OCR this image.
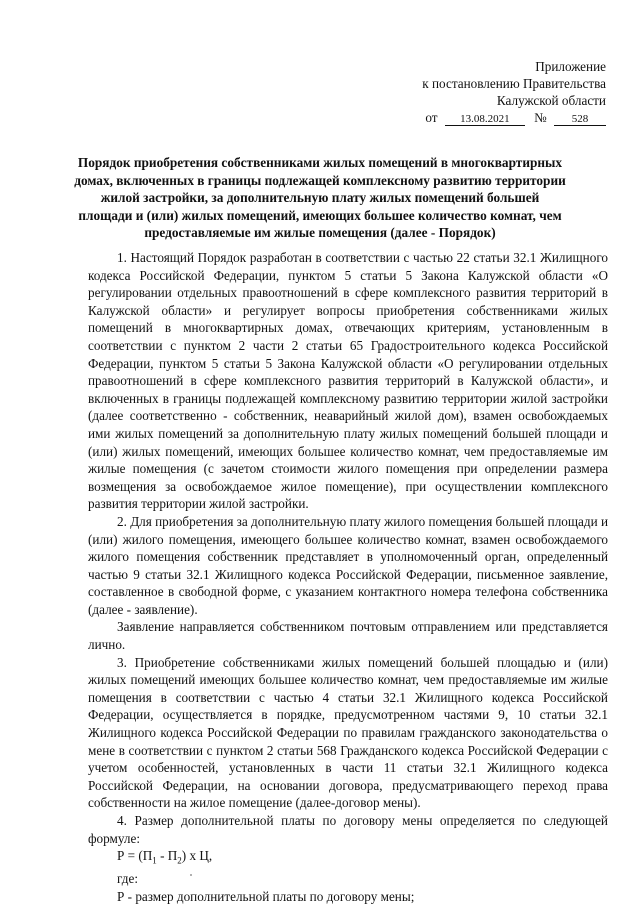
Приложение
к постановлению Правительства
Калужской области
от 13.08.2021 № 528
Порядок приобретения собственниками жилых помещений в многоквартирных домах, включенных в границы подлежащей комплексному развитию территории жилой застройки, за дополнительную плату жилых помещений большей площади и (или) жилых помещений, имеющих большее количество комнат, чем предоставляемые им жилые помещения (далее - Порядок)

1. Настоящий Порядок разработан в соответствии с частью 22 статьи 32.1 Жилищного кодекса Российской Федерации, пунктом 5 статьи 5 Закона Калужской области «О регулировании отдельных правоотношений в сфере комплексного развития территорий в Калужской области» и регулирует вопросы приобретения собственниками жилых помещений в многоквартирных домах, отвечающих критериям, установленным в соответствии с пунктом 2 части 2 статьи 65 Градостроительного кодекса Российской Федерации, пунктом 5 статьи 5 Закона Калужской области «О регулировании отдельных правоотношений в сфере комплексного развития территорий в Калужской области», и включенных в границы подлежащей комплексному развитию территории жилой застройки (далее соответственно - собственник, неаварийный жилой дом), взамен освобождаемых ими жилых помещений за дополнительную плату жилых помещений большей площади и (или) жилых помещений, имеющих большее количество комнат, чем предоставляемые им жилые помещения (с зачетом стоимости жилого помещения при определении размера возмещения за освобождаемое жилое помещение), при осуществлении комплексного развития территории жилой застройки.

2. Для приобретения за дополнительную плату жилого помещения большей площади и (или) жилого помещения, имеющего большее количество комнат, взамен освобождаемого жилого помещения собственник представляет в уполномоченный орган, определенный частью 9 статьи 32.1 Жилищного кодекса Российской Федерации, письменное заявление, составленное в свободной форме, с указанием контактного номера телефона собственника (далее - заявление).

Заявление направляется собственником почтовым отправлением или представляется лично.

3. Приобретение собственниками жилых помещений большей площадью и (или) жилых помещений имеющих большее количество комнат, чем предоставляемые им жилые помещения в соответствии с частью 4 статьи 32.1 Жилищного кодекса Российской Федерации, осуществляется в порядке, предусмотренном частями 9, 10 статьи 32.1 Жилищного кодекса Российской Федерации по правилам гражданского законодательства о мене в соответствии с пунктом 2 статьи 568 Гражданского кодекса Российской Федерации с учетом особенностей, установленных в части 11 статьи 32.1 Жилищного кодекса Российской Федерации, на основании договора, предусматривающего переход права собственности на жилое помещение (далее-договор мены).

4. Размер дополнительной платы по договору мены определяется по следующей формуле:

$Р = (П_1 - П_2)$ х Ц,

где:

Р - размер дополнительной платы по договору мены;
